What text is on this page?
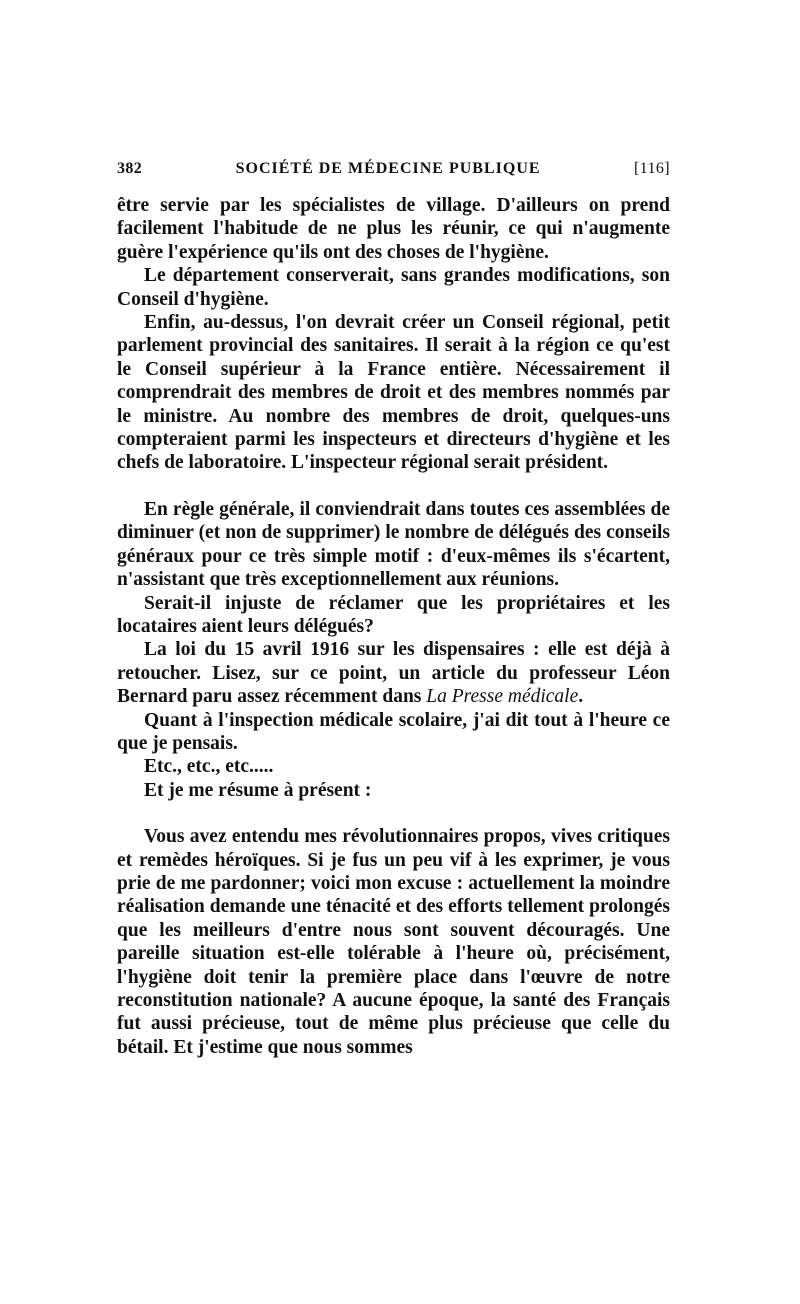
382	SOCIÉTÉ DE MÉDECINE PUBLIQUE	[116]

être servie par les spécialistes de village. D'ailleurs on prend facilement l'habitude de ne plus les réunir, ce qui n'augmente guère l'expérience qu'ils ont des choses de l'hygiène.

Le département conserverait, sans grandes modifications, son Conseil d'hygiène.

Enfin, au-dessus, l'on devrait créer un Conseil régional, petit parlement provincial des sanitaires. Il serait à la région ce qu'est le Conseil supérieur à la France entière. Nécessairement il comprendrait des membres de droit et des membres nommés par le ministre. Au nombre des membres de droit, quelques-uns compteraient parmi les inspecteurs et directeurs d'hygiène et les chefs de laboratoire. L'inspecteur régional serait président.

En règle générale, il conviendrait dans toutes ces assemblées de diminuer (et non de supprimer) le nombre de délégués des conseils généraux pour ce très simple motif : d'eux-mêmes ils s'écartent, n'assistant que très exceptionnellement aux réunions.

Serait-il injuste de réclamer que les propriétaires et les locataires aient leurs délégués?

La loi du 15 avril 1916 sur les dispensaires : elle est déjà à retoucher. Lisez, sur ce point, un article du professeur Léon Bernard paru assez récemment dans La Presse médicale.

Quant à l'inspection médicale scolaire, j'ai dit tout à l'heure ce que je pensais.

Etc., etc., etc.....

Et je me résume à présent :

Vous avez entendu mes révolutionnaires propos, vives critiques et remèdes héroïques. Si je fus un peu vif à les exprimer, je vous prie de me pardonner; voici mon excuse : actuellement la moindre réalisation demande une ténacité et des efforts tellement prolongés que les meilleurs d'entre nous sont souvent découragés. Une pareille situation est-elle tolérable à l'heure où, précisément, l'hygiène doit tenir la première place dans l'œuvre de notre reconstitution nationale? A aucune époque, la santé des Français fut aussi précieuse, tout de même plus précieuse que celle du bétail. Et j'estime que nous sommes
